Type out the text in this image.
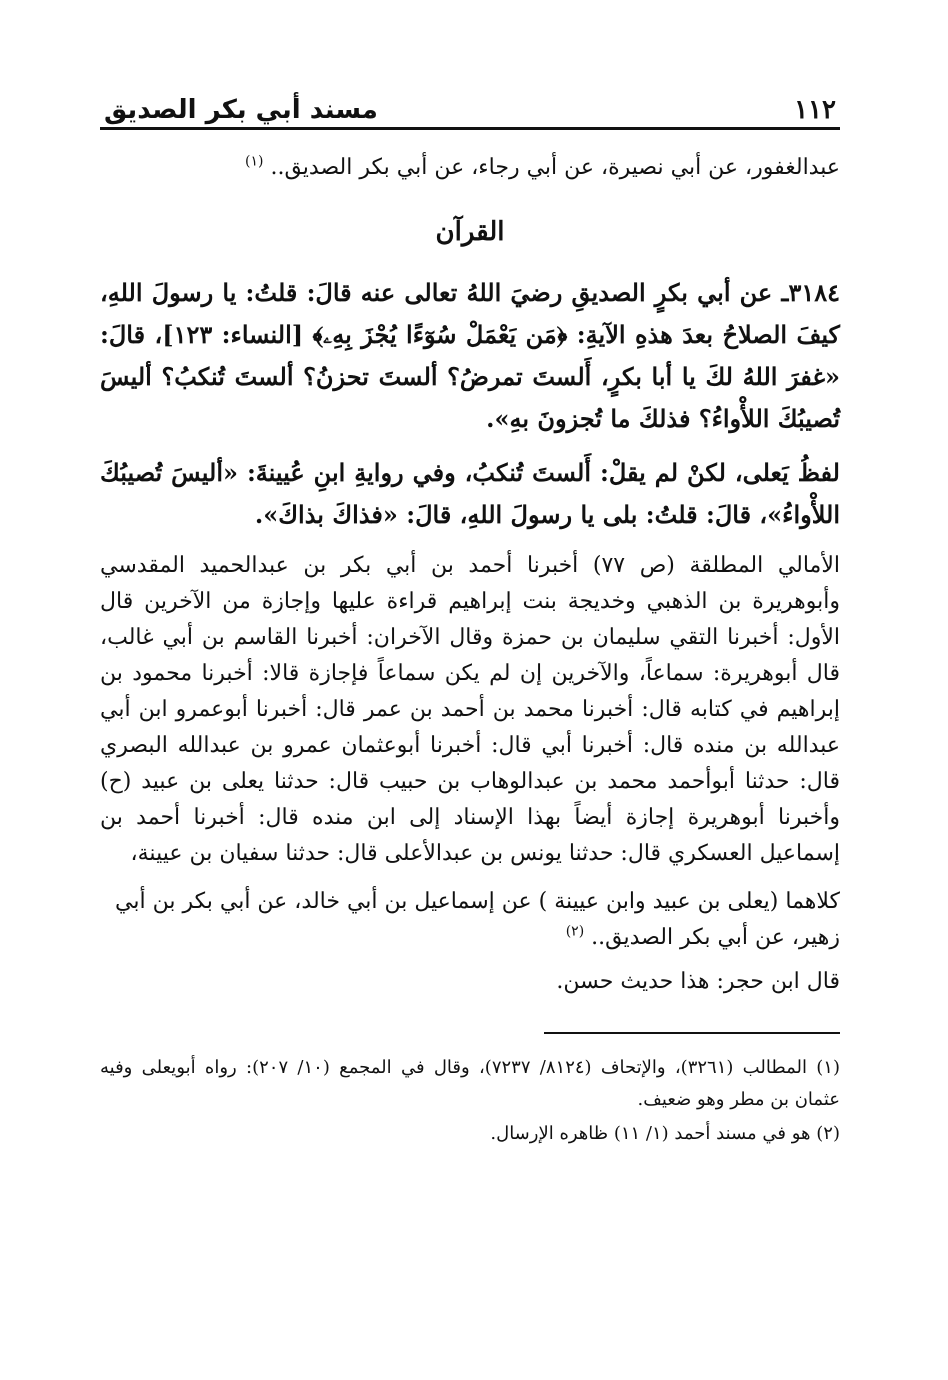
١١٢
مسند أبي بكر الصديق

عبدالغفور، عن أبي نصيرة، عن أبي رجاء، عن أبي بكر الصديق.. $^{(١)}$

القرآن

٣١٨٤ـ عن أبي بكرٍ الصديقِ رضيَ اللهُ تعالى عنه قالَ: قلتُ: يا رسولَ اللهِ، كيفَ الصلاحُ بعدَ هذهِ الآيةِ: ﴿مَن يَعْمَلْ سُوٓءًا يُجْزَ بِهِۦ﴾ [النساء: ١٢٣]، قالَ: «غفرَ اللهُ لكَ يا أبا بكرٍ، أَلستَ تمرضُ؟ ألستَ تحزنُ؟ ألستَ تُنكبُ؟ أليسَ تُصيبُكَ اللأْواءُ؟ فذلكَ ما تُجزونَ بهِ».

لفظُ يَعلى، لكنْ لم يقلْ: أَلستَ تُنكبُ، وفي روايةِ ابنِ عُيينةَ: «أليسَ تُصيبُكَ اللأْواءُ»، قالَ: قلتُ: بلى يا رسولَ اللهِ، قالَ: «فذاكَ بذاكَ».

الأمالي المطلقة (ص ٧٧) أخبرنا أحمد بن أبي بكر بن عبدالحميد المقدسي وأبوهريرة بن الذهبي وخديجة بنت إبراهيم قراءة عليها وإجازة من الآخرين قال الأول: أخبرنا التقي سليمان بن حمزة وقال الآخران: أخبرنا القاسم بن أبي غالب، قال أبوهريرة: سماعاً، والآخرين إن لم يكن سماعاً فإجازة قالا: أخبرنا محمود بن إبراهيم في كتابه قال: أخبرنا محمد بن أحمد بن عمر قال: أخبرنا أبوعمرو ابن أبي عبدالله بن منده قال: أخبرنا أبي قال: أخبرنا أبوعثمان عمرو بن عبدالله البصري قال: حدثنا أبوأحمد محمد بن عبدالوهاب بن حبيب قال: حدثنا يعلى بن عبيد (ح) وأخبرنا أبوهريرة إجازة أيضاً بهذا الإسناد إلى ابن منده قال: أخبرنا أحمد بن إسماعيل العسكري قال: حدثنا يونس بن عبدالأعلى قال: حدثنا سفيان بن عيينة،

كلاهما (يعلى بن عبيد وابن عيينة ) عن إسماعيل بن أبي خالد، عن أبي بكر بن أبي زهير، عن أبي بكر الصديق.. $^{(٢)}$

قال ابن حجر: هذا حديث حسن.

(١) المطالب (٣٢٦١)، والإتحاف (٨١٢٤/ ٧٢٣٧)، وقال في المجمع (١٠/ ٢٠٧): رواه أبويعلى وفيه عثمان بن مطر وهو ضعيف.

(٢) هو في مسند أحمد (١/ ١١) ظاهره الإرسال.
